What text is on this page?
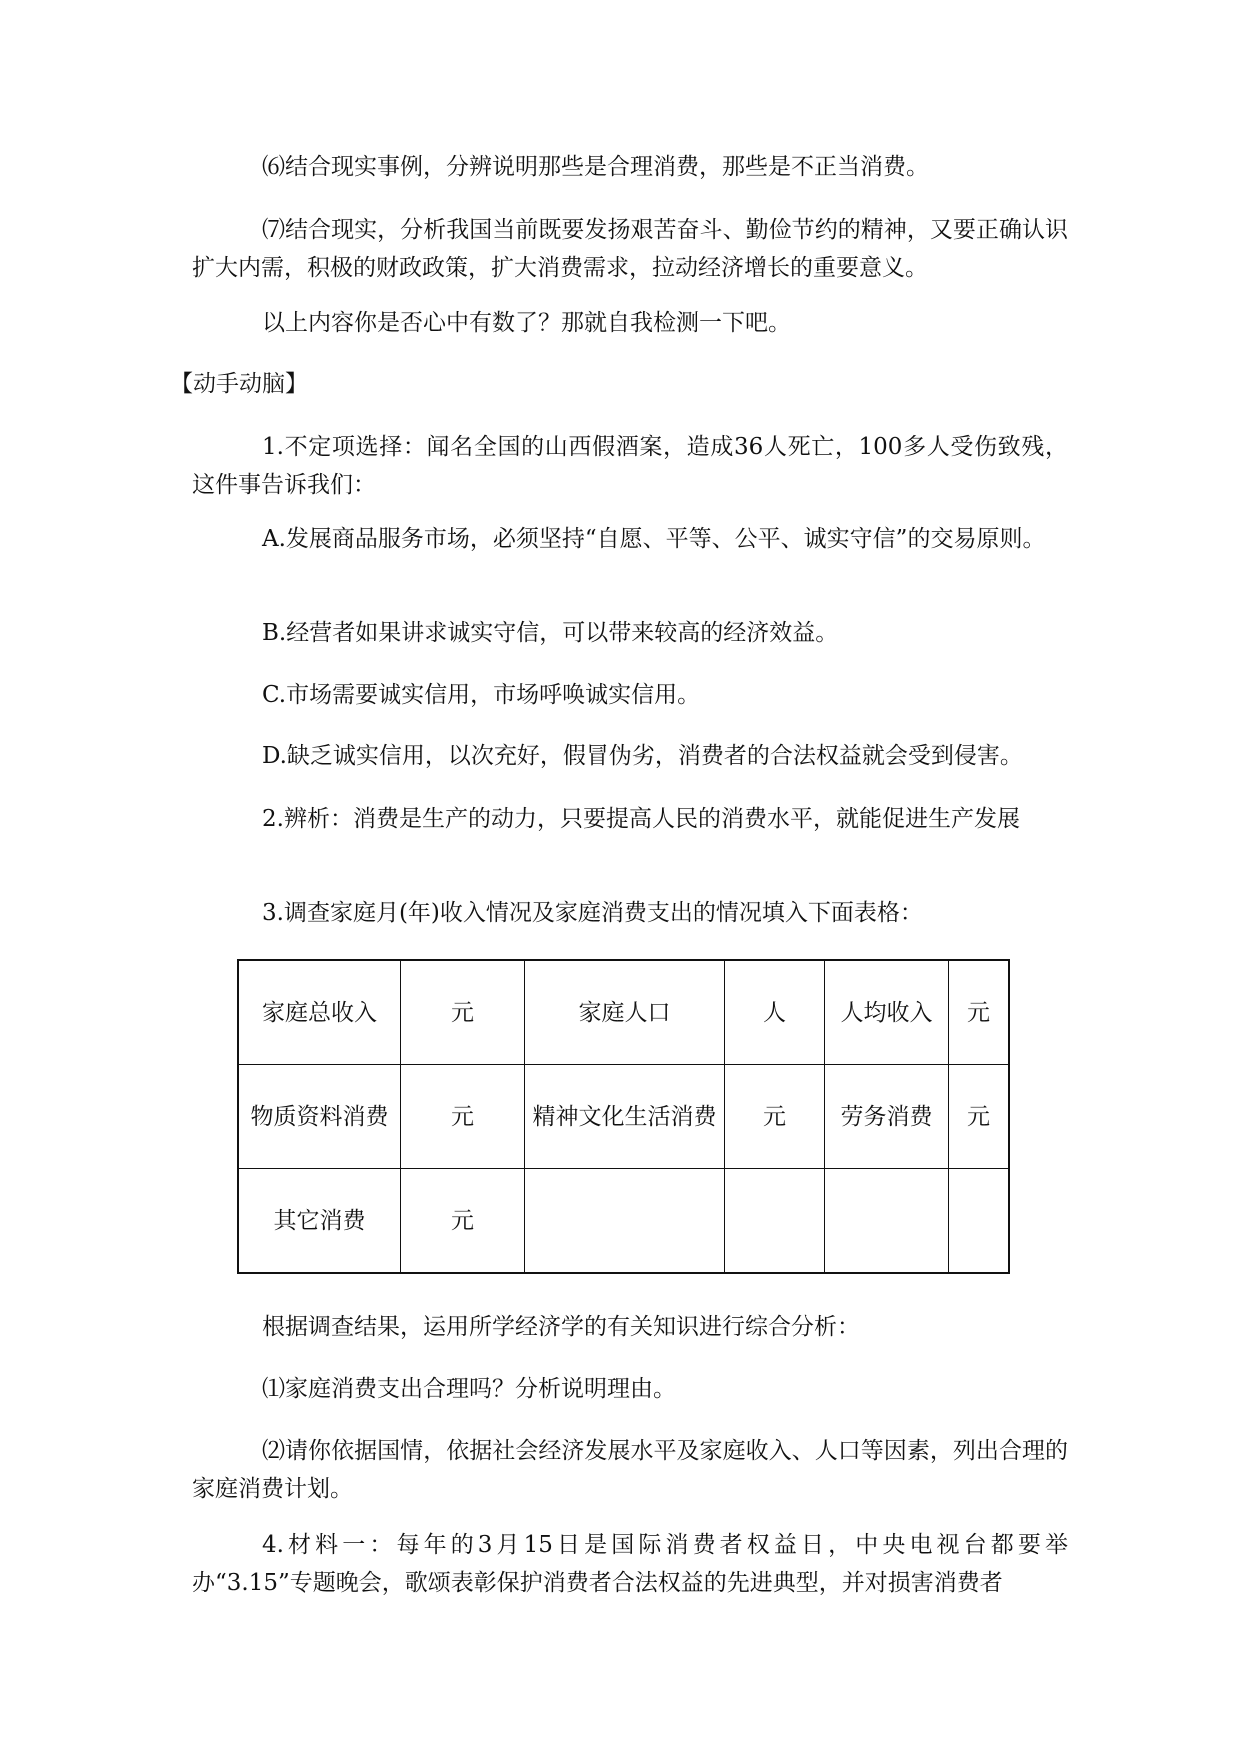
⑹结合现实事例，分辨说明那些是合理消费，那些是不正当消费。
⑺结合现实，分析我国当前既要发扬艰苦奋斗、勤俭节约的精神，又要正确认识扩大内需，积极的财政政策，扩大消费需求，拉动经济增长的重要意义。
以上内容你是否心中有数了？那就自我检测一下吧。
【动手动脑】
1.不定项选择：闻名全国的山西假酒案，造成36人死亡，100多人受伤致残，这件事告诉我们：
A.发展商品服务市场，必须坚持“自愿、平等、公平、诚实守信”的交易原则。
B.经营者如果讲求诚实守信，可以带来较高的经济效益。
C.市场需要诚实信用，市场呼唤诚实信用。
D.缺乏诚实信用，以次充好，假冒伪劣，消费者的合法权益就会受到侵害。
2.辨析：消费是生产的动力，只要提高人民的消费水平，就能促进生产发展
3.调查家庭月(年)收入情况及家庭消费支出的情况填入下面表格：
家庭总收入	元	家庭人口	人	人均收入	元
物质资料消费	元	精神文化生活消费	元	劳务消费	元
其它消费	元				
根据调查结果，运用所学经济学的有关知识进行综合分析：
⑴家庭消费支出合理吗？分析说明理由。
⑵请你依据国情，依据社会经济发展水平及家庭收入、人口等因素，列出合理的家庭消费计划。
4.材料一：每年的3月15日是国际消费者权益日，中央电视台都要举办“3.15”专题晚会，歌颂表彰保护消费者合法权益的先进典型，并对损害消费者
